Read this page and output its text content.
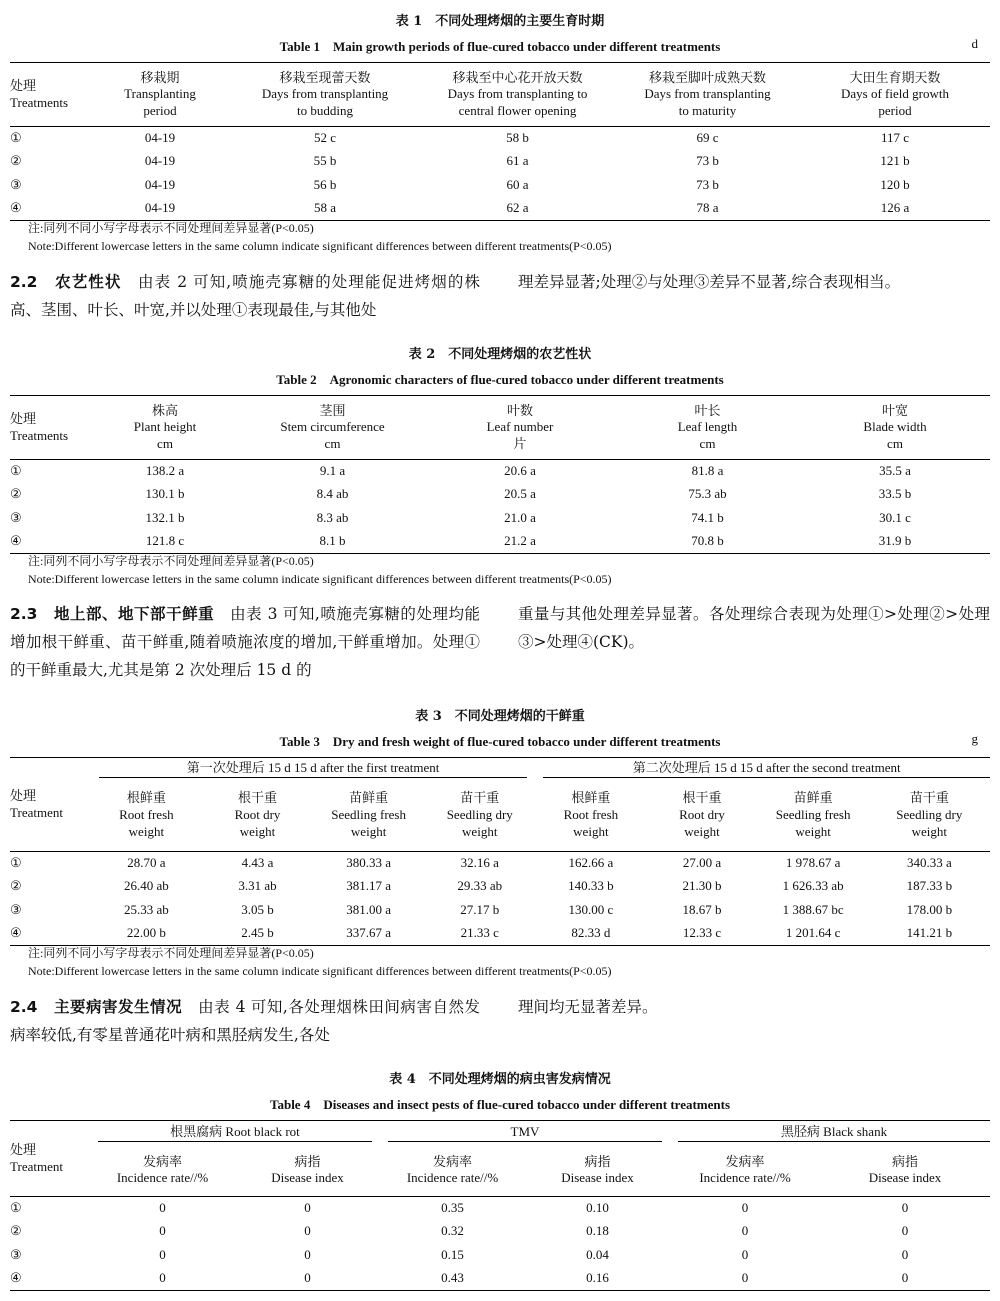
表 1　不同处理烤烟的主要生育时期
Table 1　Main growth periods of flue-cured tobacco under different treatments	d
处理
Treatments	移栽期
Transplanting
period	移栽至现蕾天数
Days from transplanting
to budding	移栽至中心花开放天数
Days from transplanting to
central flower opening	移栽至脚叶成熟天数
Days from transplanting
to maturity	大田生育期天数
Days of field growth
period

①	04-19	52 c	58 b	69 c	117 c
②	04-19	55 b	61 a	73 b	121 b
③	04-19	56 b	60 a	73 b	120 b
④	04-19	58 a	62 a	78 a	126 a
注:同列不同小写字母表示不同处理间差异显著(P<0.05)
Note:Different lowercase letters in the same column indicate significant differences between different treatments(P<0.05)
2.2　农艺性状　由表 2 可知,喷施壳寡糖的处理能促进烤烟的株高、茎围、叶长、叶宽,并以处理①表现最佳,与其他处
理差异显著;处理②与处理③差异不显著,综合表现相当。
表 2　不同处理烤烟的农艺性状
Table 2　Agronomic characters of flue-cured tobacco under different treatments
处理
Treatments	株高
Plant height
cm	茎围
Stem circumference
cm	叶数
Leaf number
片	叶长
Leaf length
cm	叶宽
Blade width
cm

①	138.2 a	9.1 a	20.6 a	81.8 a	35.5 a
②	130.1 b	8.4 ab	20.5 a	75.3 ab	33.5 b
③	132.1 b	8.3 ab	21.0 a	74.1 b	30.1 c
④	121.8 c	8.1 b	21.2 a	70.8 b	31.9 b
注:同列不同小写字母表示不同处理间差异显著(P<0.05)
Note:Different lowercase letters in the same column indicate significant differences between different treatments(P<0.05)
2.3　地上部、地下部干鲜重　由表 3 可知,喷施壳寡糖的处理均能增加根干鲜重、苗干鲜重,随着喷施浓度的增加,干鲜重增加。处理①的干鲜重最大,尤其是第 2 次处理后 15 d 的
重量与其他处理差异显著。各处理综合表现为处理①>处理②>处理③>处理④(CK)。
表 3　不同处理烤烟的干鲜重
Table 3　Dry and fresh weight of flue-cured tobacco under different treatments	g
处理
Treatment	第一次处理后 15 d 15 d after the first treatment				第二次处理后 15 d 15 d after the second treatment			

	根鲜重
Root fresh
weight	根干重
Root dry
weight	苗鲜重
Seedling fresh
weight	苗干重
Seedling dry
weight	根鲜重
Root fresh
weight	根干重
Root dry
weight	苗鲜重
Seedling fresh
weight	苗干重
Seedling dry
weight

①	28.70 a	4.43 a	380.33 a	32.16 a	162.66 a	27.00 a	1 978.67 a	340.33 a
②	26.40 ab	3.31 ab	381.17 a	29.33 ab	140.33 b	21.30 b	1 626.33 ab	187.33 b
③	25.33 ab	3.05 b	381.00 a	27.17 b	130.00 c	18.67 b	1 388.67 bc	178.00 b
④	22.00 b	2.45 b	337.67 a	21.33 c	82.33 d	12.33 c	1 201.64 c	141.21 b
注:同列不同小写字母表示不同处理间差异显著(P<0.05)
Note:Different lowercase letters in the same column indicate significant differences between different treatments(P<0.05)
2.4　主要病害发生情况　由表 4 可知,各处理烟株田间病害自然发病率较低,有零星普通花叶病和黑胫病发生,各处
理间均无显著差异。
表 4　不同处理烤烟的病虫害发病情况
Table 4　Diseases and insect pests of flue-cured tobacco under different treatments
处理
Treatment	根黑腐病 Root black rot		TMV		黑胫病 Black shank	

	发病率
Incidence rate//%	病指
Disease index	发病率
Incidence rate//%	病指
Disease index	发病率
Incidence rate//%	病指
Disease index

①	0	0	0.35	0.10	0	0
②	0	0	0.32	0.18	0	0
③	0	0	0.15	0.04	0	0
④	0	0	0.43	0.16	0	0
